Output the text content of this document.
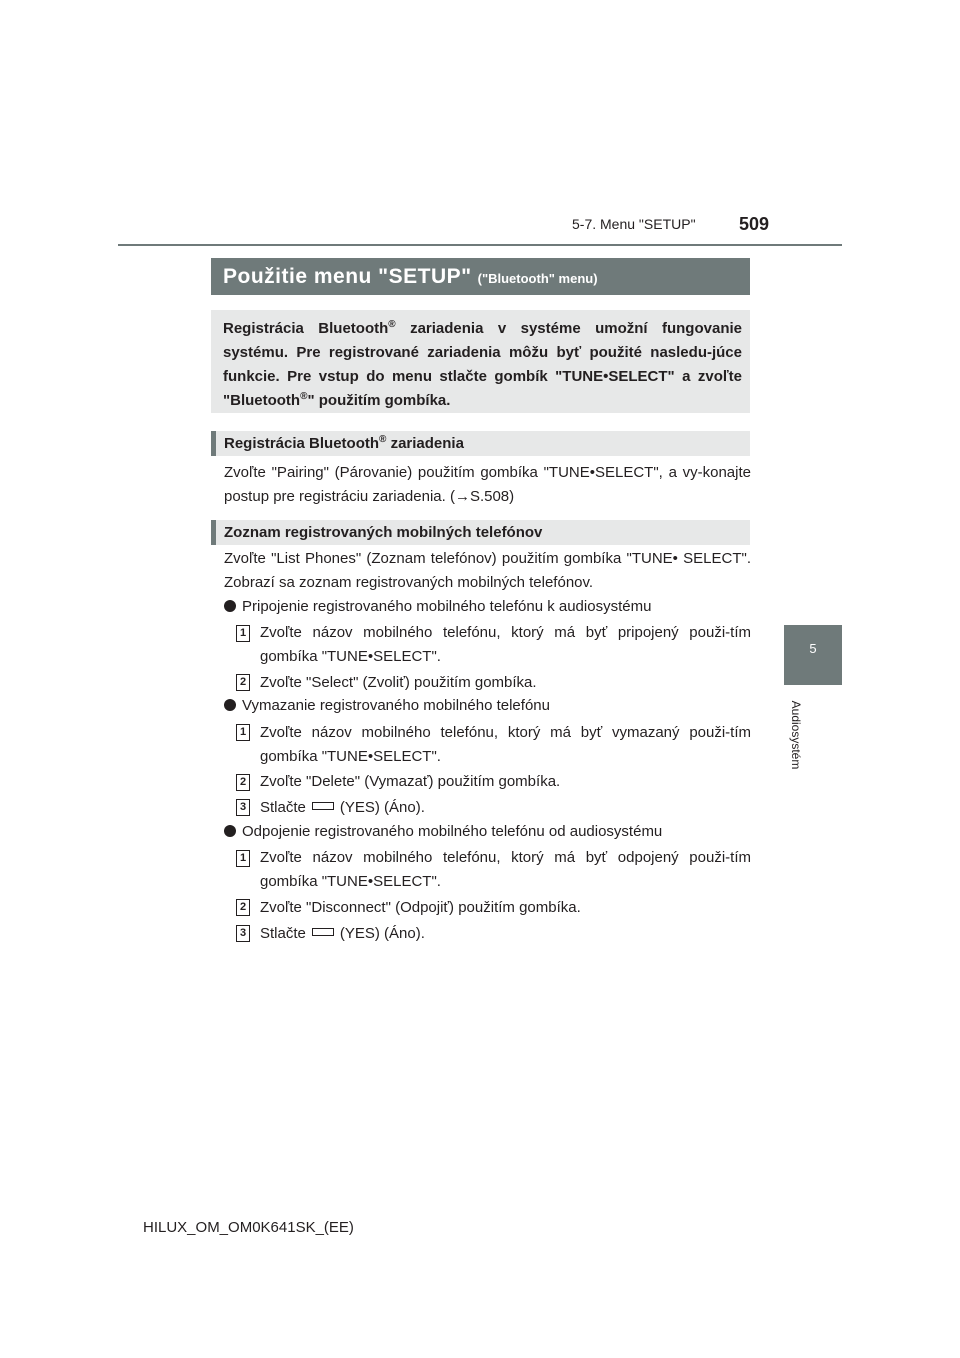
5-7. Menu "SETUP" 509
5
Audiosystém
Použitie menu "SETUP" ("Bluetooth" menu)
Registrácia Bluetooth® zariadenia v systéme umožní fungovanie systému. Pre registrované zariadenia môžu byť použité nasledu-júce funkcie. Pre vstup do menu stlačte gombík "TUNE•SELECT" a zvoľte "Bluetooth®" použitím gombíka.
Registrácia Bluetooth® zariadenia
Zvoľte "Pairing" (Párovanie) použitím gombíka "TUNE•SELECT", a vy-konajte postup pre registráciu zariadenia. (→S.508)
Zoznam registrovaných mobilných telefónov
Zvoľte "List Phones" (Zoznam telefónov) použitím gombíka "TUNE• SELECT". Zobrazí sa zoznam registrovaných mobilných telefónov.
Pripojenie registrovaného mobilného telefónu k audiosystému
1 Zvoľte názov mobilného telefónu, ktorý má byť pripojený použi-tím gombíka "TUNE•SELECT".
2 Zvoľte "Select" (Zvoliť) použitím gombíka.
Vymazanie registrovaného mobilného telefónu
1 Zvoľte názov mobilného telefónu, ktorý má byť vymazaný použi-tím gombíka "TUNE•SELECT".
2 Zvoľte "Delete" (Vymazať) použitím gombíka.
3 Stlačte (YES) (Áno).
Odpojenie registrovaného mobilného telefónu od audiosystému
1 Zvoľte názov mobilného telefónu, ktorý má byť odpojený použi-tím gombíka "TUNE•SELECT".
2 Zvoľte "Disconnect" (Odpojiť) použitím gombíka.
3 Stlačte (YES) (Áno).
HILUX_OM_OM0K641SK_(EE)
